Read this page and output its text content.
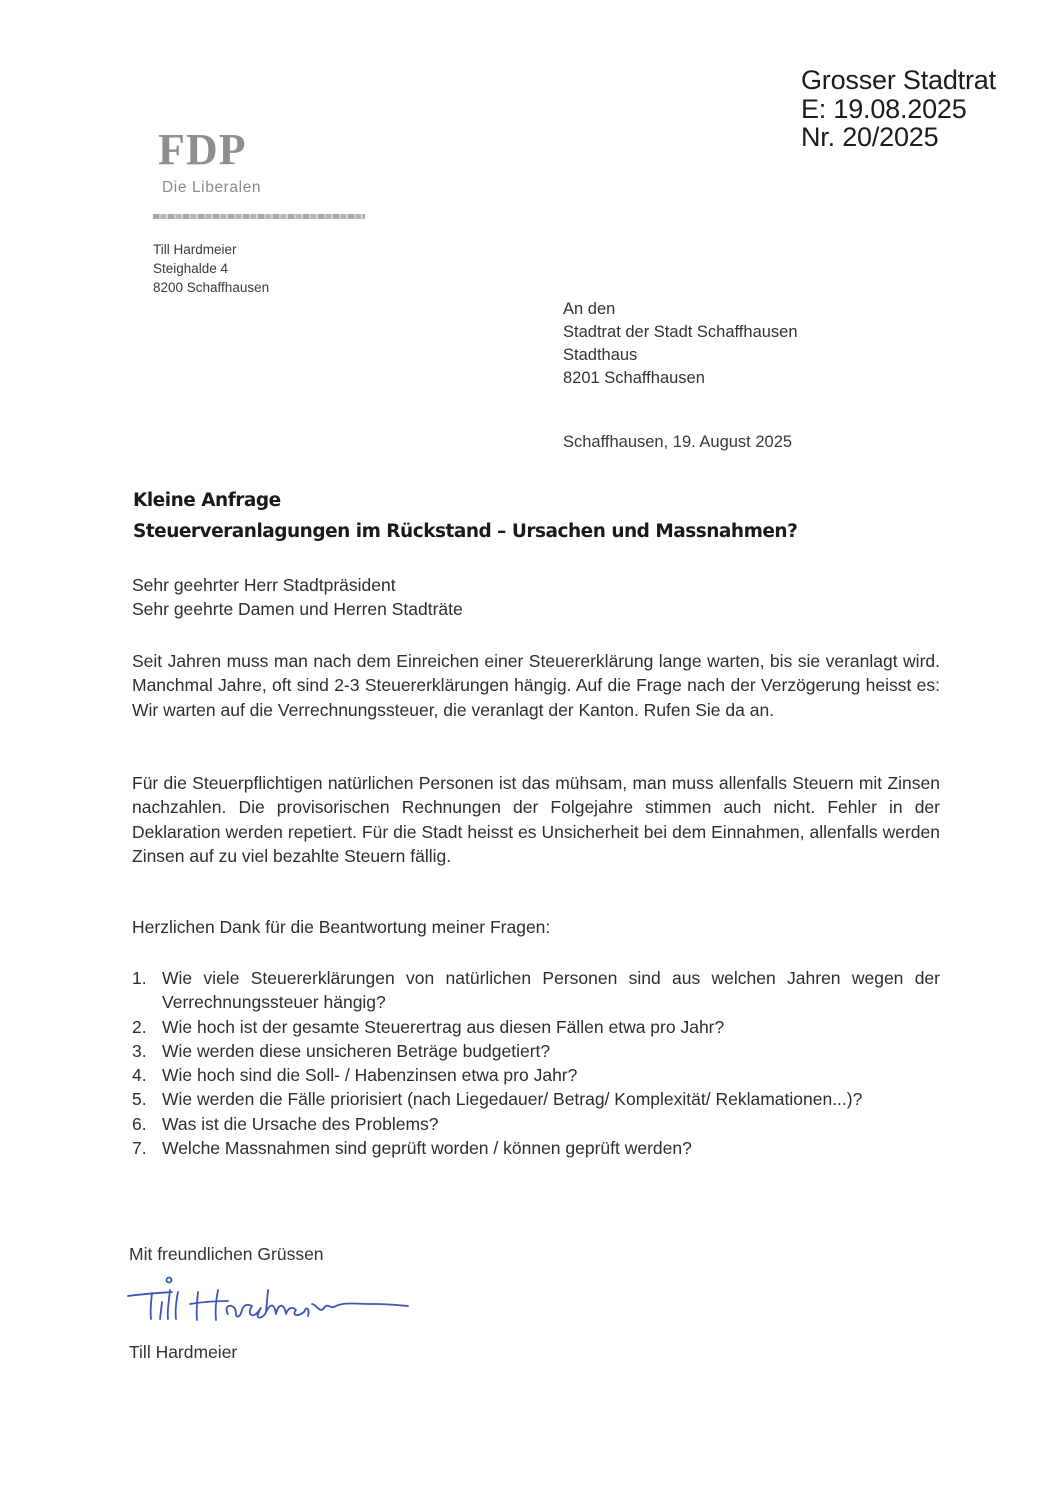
Grosser Stadtrat
E: 19.08.2025
Nr. 20/2025
FDP
Die Liberalen
Till Hardmeier
Steighalde 4
8200 Schaffhausen
An den
Stadtrat der Stadt Schaffhausen
Stadthaus
8201 Schaffhausen
Schaffhausen, 19. August 2025
Kleine Anfrage
Steuerveranlagungen im Rückstand – Ursachen und Massnahmen?
Sehr geehrter Herr Stadtpräsident
Sehr geehrte Damen und Herren Stadträte

Seit Jahren muss man nach dem Einreichen einer Steuererklärung lange warten, bis sie veranlagt wird. Manchmal Jahre, oft sind 2-3 Steuererklärungen hängig. Auf die Frage nach der Verzögerung heisst es: Wir warten auf die Verrechnungssteuer, die veranlagt der Kanton. Rufen Sie da an.

Für die Steuerpflichtigen natürlichen Personen ist das mühsam, man muss allenfalls Steuern mit Zinsen nachzahlen. Die provisorischen Rechnungen der Folgejahre stimmen auch nicht. Fehler in der Deklaration werden repetiert. Für die Stadt heisst es Unsicherheit bei dem Einnahmen, allenfalls werden Zinsen auf zu viel bezahlte Steuern fällig.

Herzlichen Dank für die Beantwortung meiner Fragen:
1. Wie viele Steuererklärungen von natürlichen Personen sind aus welchen Jahren wegen der Verrechnungssteuer hängig?
2. Wie hoch ist der gesamte Steuerertrag aus diesen Fällen etwa pro Jahr?
3. Wie werden diese unsicheren Beträge budgetiert?
4. Wie hoch sind die Soll- / Habenzinsen etwa pro Jahr?
5. Wie werden die Fälle priorisiert (nach Liegedauer/ Betrag/ Komplexität/ Reklamationen...)?
6. Was ist die Ursache des Problems?
7. Welche Massnahmen sind geprüft worden / können geprüft werden?
Mit freundlichen Grüssen
Till Hardmeier
